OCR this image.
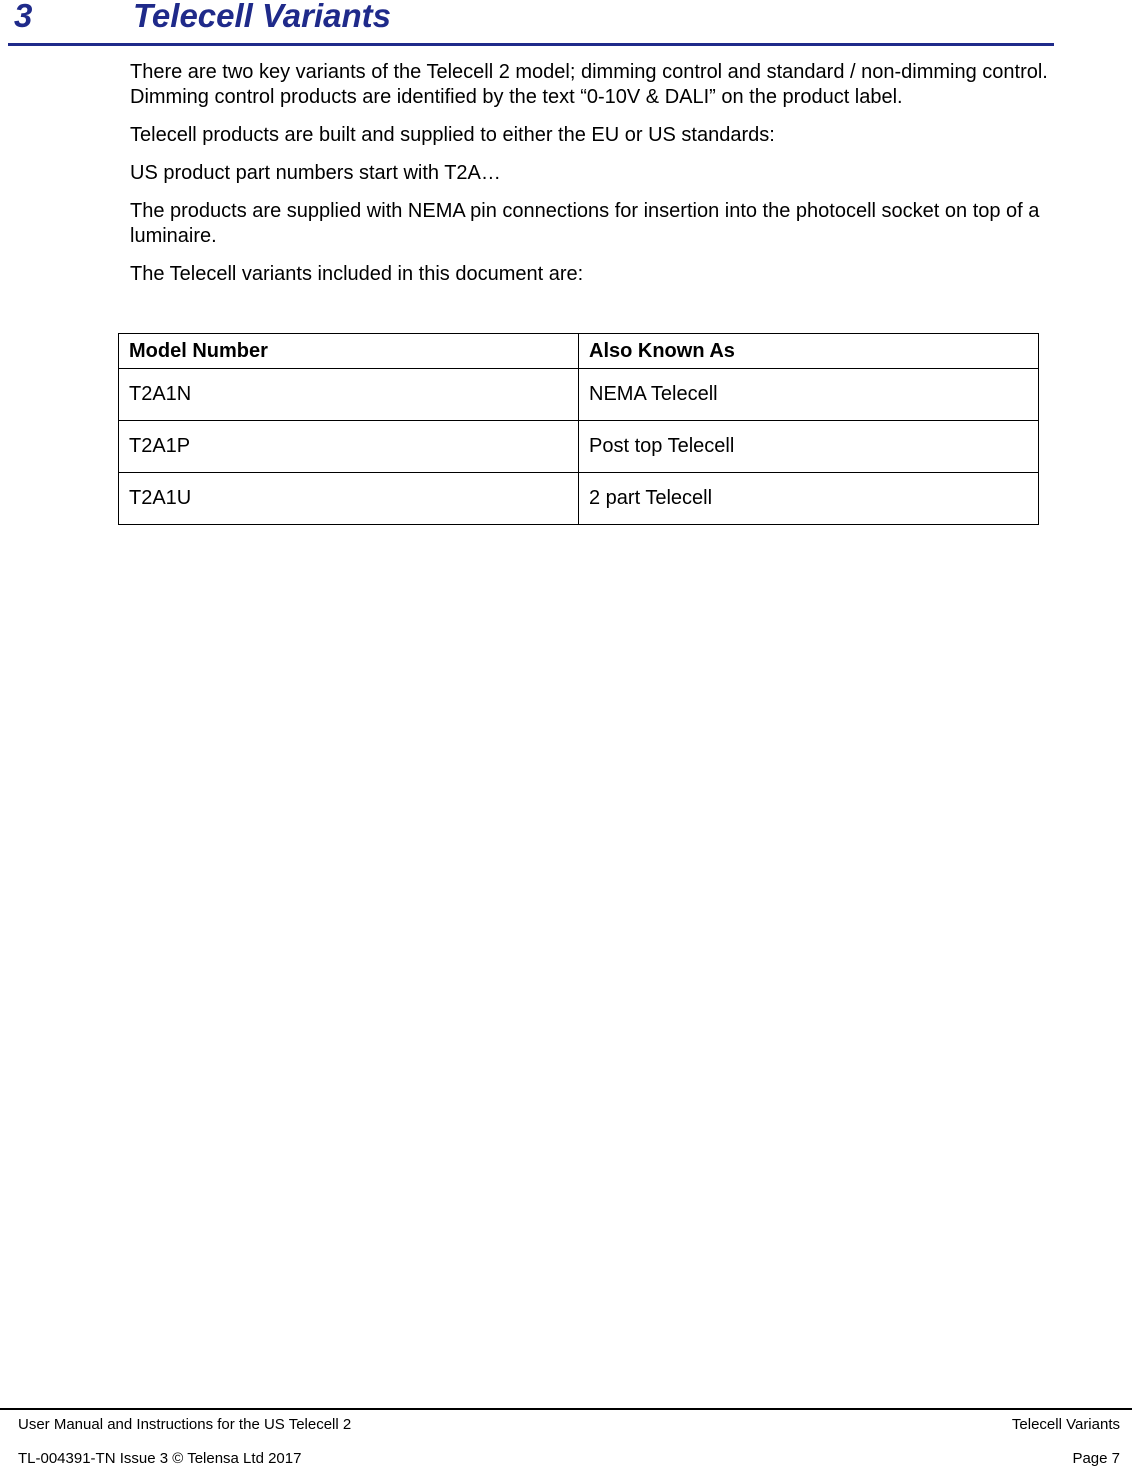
3	Telecell Variants

There are two key variants of the Telecell 2 model; dimming control and standard / non-dimming control. Dimming control products are identified by the text “0-10V & DALI” on the product label.

Telecell products are built and supplied to either the EU or US standards:

US product part numbers start with T2A…

The products are supplied with NEMA pin connections for insertion into the photocell socket on top of a luminaire.

The Telecell variants included in this document are:

Model Number	Also Known As
T2A1N	NEMA Telecell
T2A1P	Post top Telecell
T2A1U	2 part Telecell
User Manual and Instructions for the US Telecell 2	Telecell Variants
TL-004391-TN Issue 3 © Telensa Ltd 2017	Page 7
